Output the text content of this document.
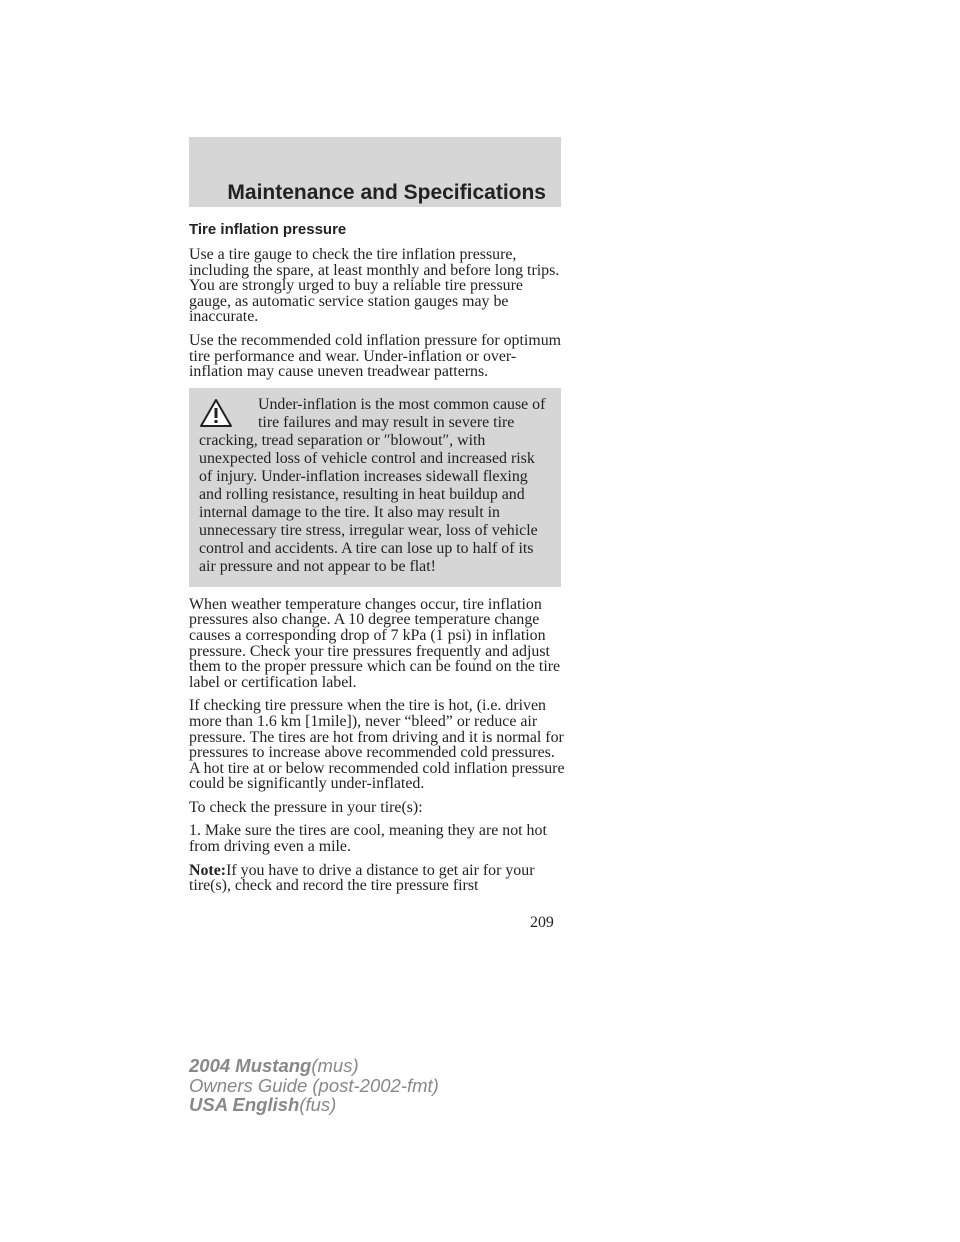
Maintenance and Specifications
Tire inflation pressure

Use a tire gauge to check the tire inflation pressure, including the spare, at least monthly and before long trips. You are strongly urged to buy a reliable tire pressure gauge, as automatic service station gauges may be inaccurate.

Use the recommended cold inflation pressure for optimum tire performance and wear. Under-inflation or over-inflation may cause uneven treadwear patterns.

Under-inflation is the most common cause of tire failures and may result in severe tire cracking, tread separation or ″blowout″, with unexpected loss of vehicle control and increased risk of injury. Under-inflation increases sidewall flexing and rolling resistance, resulting in heat buildup and internal damage to the tire. It also may result in unnecessary tire stress, irregular wear, loss of vehicle control and accidents. A tire can lose up to half of its air pressure and not appear to be flat!

When weather temperature changes occur, tire inflation pressures also change. A 10 degree temperature change causes a corresponding drop of 7 kPa (1 psi) in inflation pressure. Check your tire pressures frequently and adjust them to the proper pressure which can be found on the tire label or certification label.

If checking tire pressure when the tire is hot, (i.e. driven more than 1.6 km [1mile]), never “bleed” or reduce air pressure. The tires are hot from driving and it is normal for pressures to increase above recommended cold pressures. A hot tire at or below recommended cold inflation pressure could be significantly under-inflated.

To check the pressure in your tire(s):

1. Make sure the tires are cool, meaning they are not hot from driving even a mile.

Note:If you have to drive a distance to get air for your tire(s), check and record the tire pressure first

209
2004 Mustang(mus)
Owners Guide (post-2002-fmt)
USA English(fus)
